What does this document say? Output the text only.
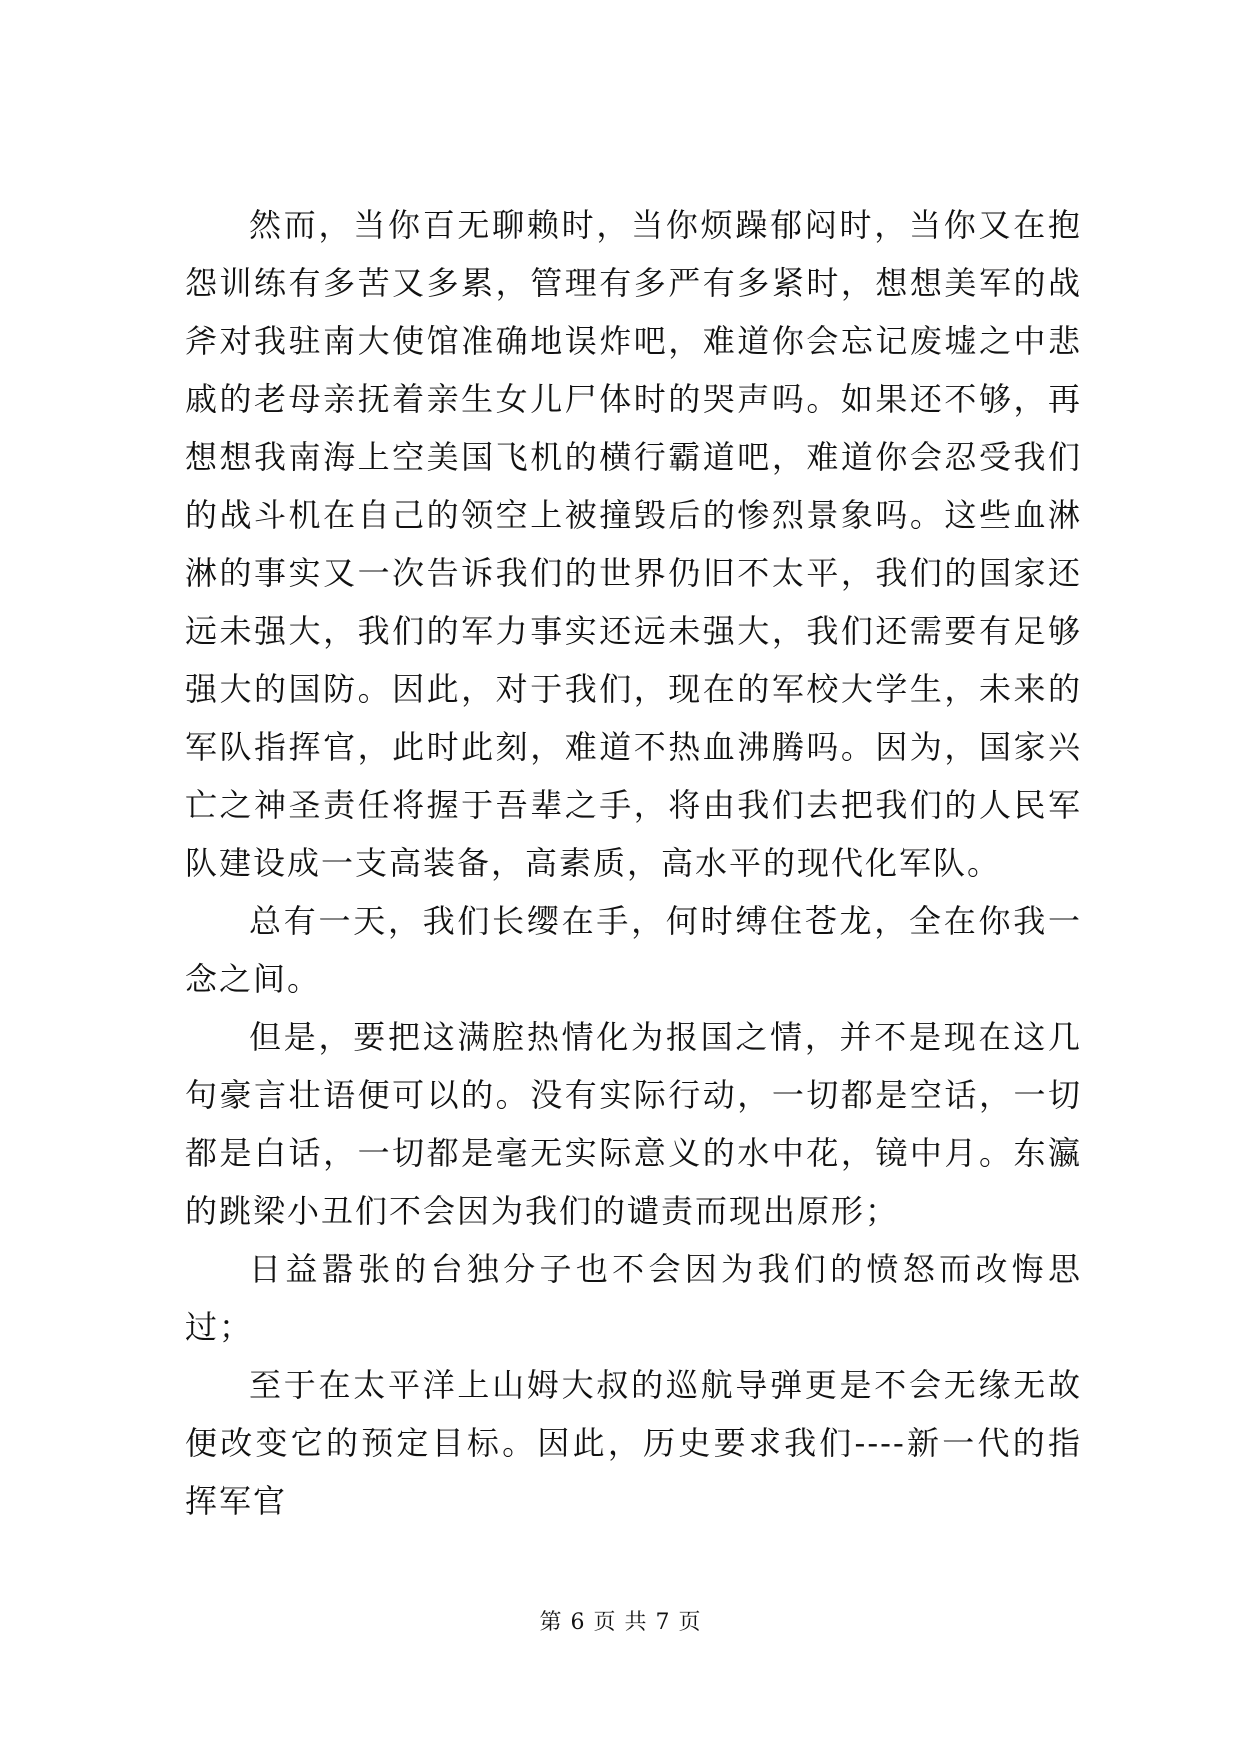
然而，当你百无聊赖时，当你烦躁郁闷时，当你又在抱怨训练有多苦又多累，管理有多严有多紧时，想想美军的战斧对我驻南大使馆准确地误炸吧，难道你会忘记废墟之中悲戚的老母亲抚着亲生女儿尸体时的哭声吗。如果还不够，再想想我南海上空美国飞机的横行霸道吧，难道你会忍受我们的战斗机在自己的领空上被撞毁后的惨烈景象吗。这些血淋淋的事实又一次告诉我们的世界仍旧不太平，我们的国家还远未强大，我们的军力事实还远未强大，我们还需要有足够强大的国防。因此，对于我们，现在的军校大学生，未来的军队指挥官，此时此刻，难道不热血沸腾吗。因为，国家兴亡之神圣责任将握于吾辈之手，将由我们去把我们的人民军队建设成一支高装备，高素质，高水平的现代化军队。

总有一天，我们长缨在手，何时缚住苍龙，全在你我一念之间。

但是，要把这满腔热情化为报国之情，并不是现在这几句豪言壮语便可以的。没有实际行动，一切都是空话，一切都是白话，一切都是毫无实际意义的水中花，镜中月。东瀛的跳梁小丑们不会因为我们的谴责而现出原形；

日益嚣张的台独分子也不会因为我们的愤怒而改悔思过；

至于在太平洋上山姆大叔的巡航导弹更是不会无缘无故便改变它的预定目标。因此，历史要求我们----新一代的指挥军官

第 6 页 共 7 页
